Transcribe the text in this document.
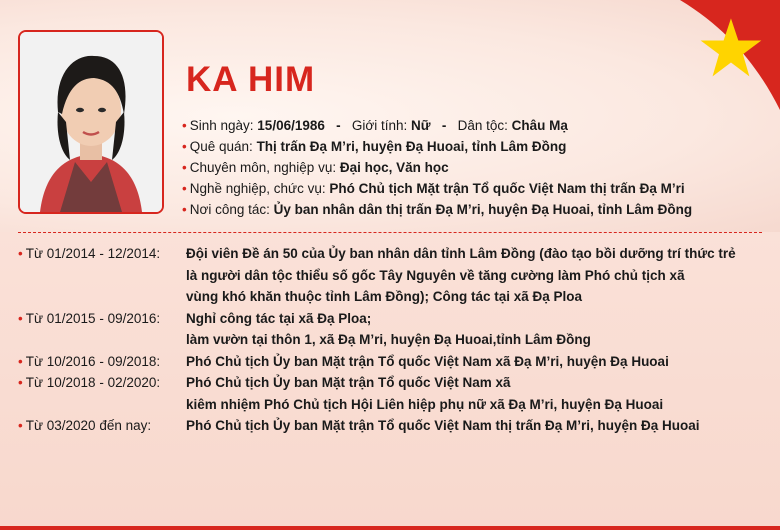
KA HIM
• Sinh ngày: 15/06/1986 - Giới tính: Nữ - Dân tộc: Châu Mạ
• Quê quán: Thị trấn Đạ M’ri, huyện Đạ Huoai, tỉnh Lâm Đồng
• Chuyên môn, nghiệp vụ: Đại học, Văn học
• Nghề nghiệp, chức vụ: Phó Chủ tịch Mặt trận Tổ quốc Việt Nam thị trấn Đạ M’ri
• Nơi công tác: Ủy ban nhân dân thị trấn Đạ M’ri, huyện Đạ Huoai, tỉnh Lâm Đồng
• Từ 01/2014 - 12/2014:	Đội viên Đề án 50 của Ủy ban nhân dân tỉnh Lâm Đồng (đào tạo bồi dưỡng trí thức trẻ
là người dân tộc thiểu số gốc Tây Nguyên về tăng cường làm Phó chủ tịch xã
vùng khó khăn thuộc tỉnh Lâm Đồng); Công tác tại xã Đạ Ploa
• Từ 01/2015 - 09/2016:	Nghỉ công tác tại xã Đạ Ploa;
làm vườn tại thôn 1, xã Đạ M’ri, huyện Đạ Huoai,tỉnh Lâm Đồng
• Từ 10/2016 - 09/2018:	Phó Chủ tịch Ủy ban Mặt trận Tổ quốc Việt Nam xã Đạ M’ri, huyện Đạ Huoai
• Từ 10/2018 - 02/2020:	Phó Chủ tịch Ủy ban Mặt trận Tổ quốc Việt Nam xã
kiêm nhiệm Phó Chủ tịch Hội Liên hiệp phụ nữ xã Đạ M’ri, huyện Đạ Huoai
• Từ 03/2020 đến nay:	Phó Chủ tịch Ủy ban Mặt trận Tổ quốc Việt Nam thị trấn Đạ M’ri, huyện Đạ Huoai
